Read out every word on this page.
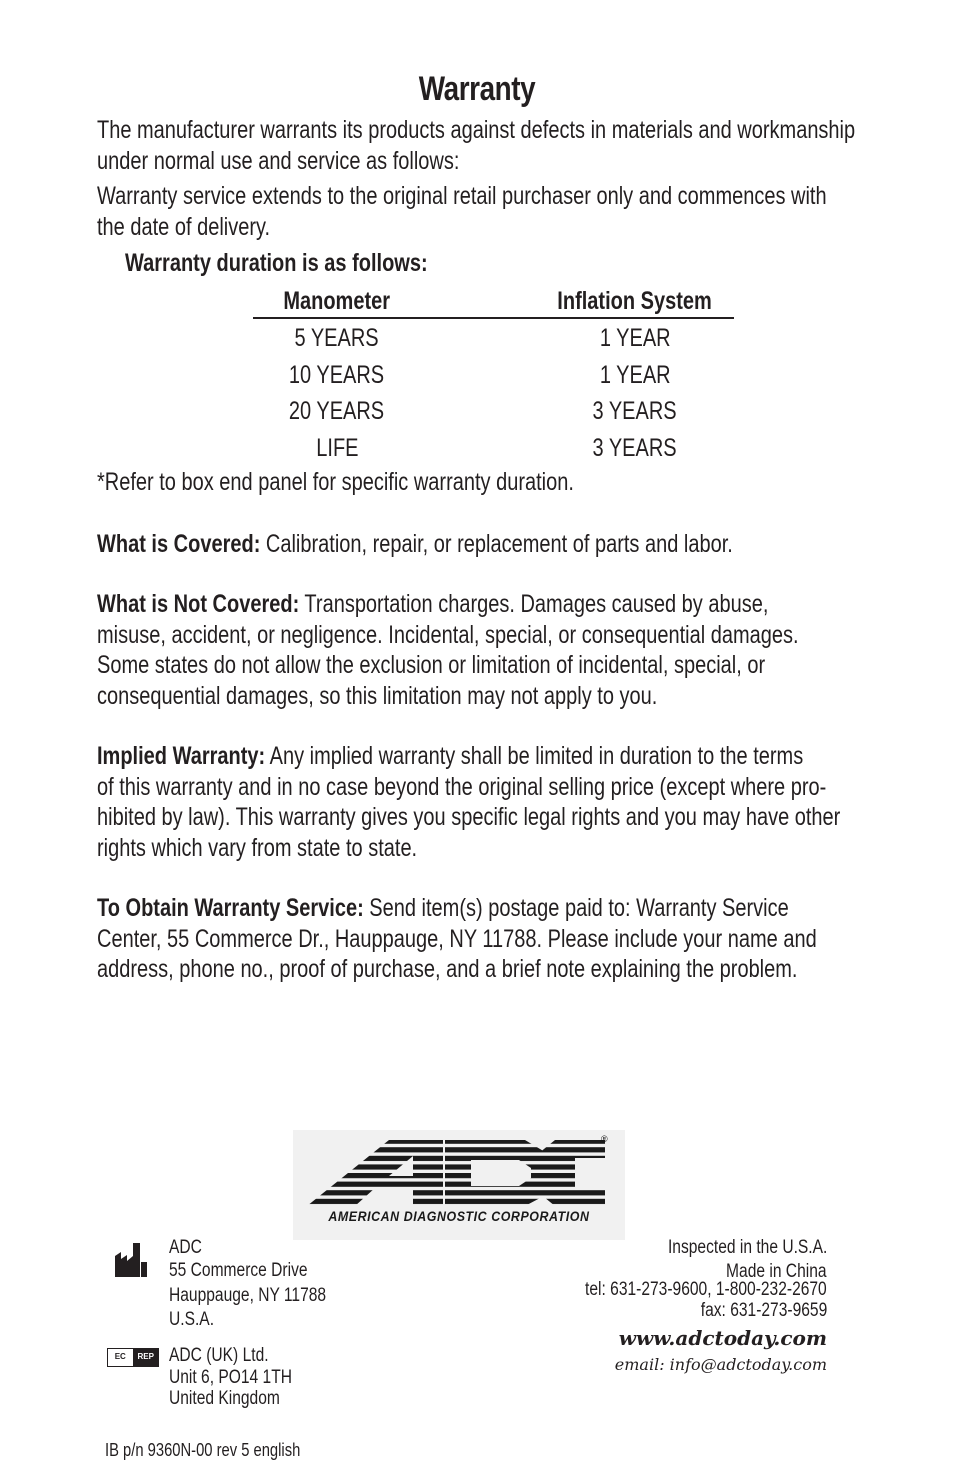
Warranty
The manufacturer warrants its products against defects in materials and workmanship
under normal use and service as follows:
Warranty service extends to the original retail purchaser only and commences with
the date of delivery.
Warranty duration is as follows:
Manometer	Inflation System
5 YEARS	1 YEAR
10 YEARS	1 YEAR
20 YEARS	3 YEARS
LIFE	3 YEARS
*Refer to box end panel for specific warranty duration.
What is Covered: Calibration, repair, or replacement of parts and labor.
What is Not Covered: Transportation charges. Damages caused by abuse,
misuse, accident, or negligence. Incidental, special, or consequential damages.
Some states do not allow the exclusion or limitation of incidental, special, or
consequential damages, so this limitation may not apply to you.
Implied Warranty: Any implied warranty shall be limited in duration to the terms
of this warranty and in no case beyond the original selling price (except where pro-
hibited by law). This warranty gives you specific legal rights and you may have other
rights which vary from state to state.
To Obtain Warranty Service: Send item(s) postage paid to: Warranty Service
Center, 55 Commerce Dr., Hauppauge, NY 11788. Please include your name and
address, phone no., proof of purchase, and a brief note explaining the problem.
®
AMERICAN DIAGNOSTIC CORPORATION
ADC
55 Commerce Drive
Hauppauge, NY 11788
U.S.A.
EC	REP ADC (UK) Ltd.
Unit 6, PO14 1TH
United Kingdom
Inspected in the U.S.A.
Made in China
tel: 631-273-9600, 1-800-232-2670
fax: 631-273-9659
www.adctoday.com
email: info@adctoday.com
IB p/n 9360N-00 rev 5 english
